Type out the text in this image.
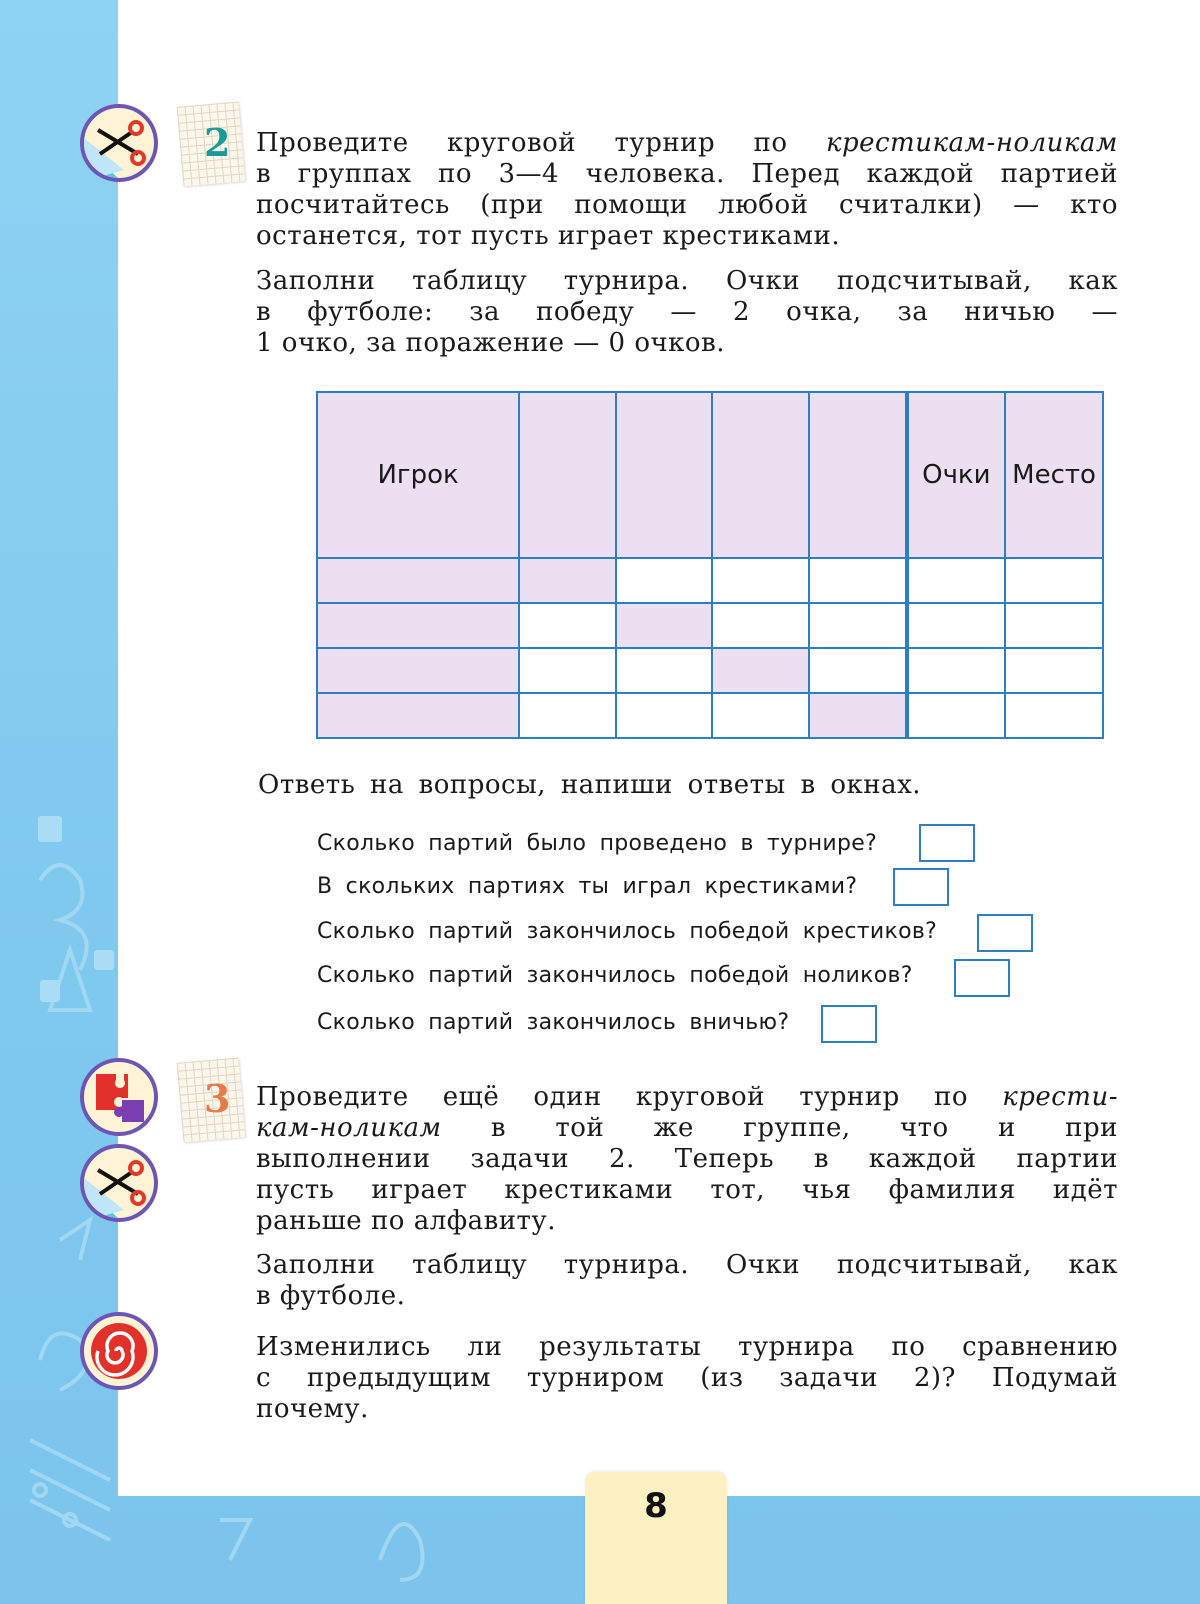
2 Проведите круговой турнир по крестикам-ноликам
в группах по 3—4 человека. Перед каждой партией
посчитайтесь (при помощи любой считалки) — кто
останется, тот пусть играет крестиками.
Заполни таблицу турнира. Очки подсчитывай, как
в футболе: за победу — 2 очка, за ничью —
1 очко, за поражение — 0 очков.
Игрок					Очки	Место

Ответь на вопросы, напиши ответы в окнах.
Сколько партий было проведено в турнире?
В скольких партиях ты играл крестиками?
Сколько партий закончилось победой крестиков?
Сколько партий закончилось победой ноликов?
Сколько партий закончилось вничью?
3 Проведите ещё один круговой турнир по крести-
кам-ноликам в той же группе, что и при
выполнении задачи 2. Теперь в каждой партии
пусть играет крестиками тот, чья фамилия идёт
раньше по алфавиту.
Заполни таблицу турнира. Очки подсчитывай, как
в футболе.
Изменились ли результаты турнира по сравнению
с предыдущим турниром (из задачи 2)? Подумай
почему.
8
